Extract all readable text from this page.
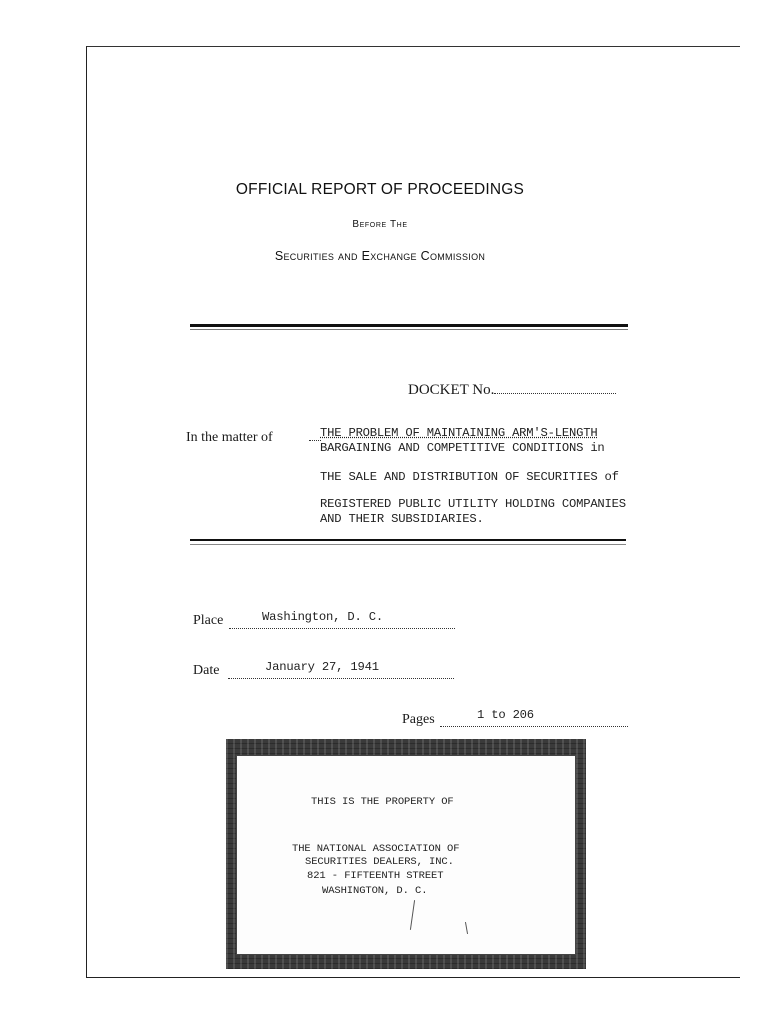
OFFICIAL REPORT OF PROCEEDINGS
Before The
Securities and Exchange Commission
DOCKET No.
In the matter of	THE PROBLEM OF MAINTAINING ARM'S-LENGTH
BARGAINING AND COMPETITIVE CONDITIONS in
THE SALE AND DISTRIBUTION OF SECURITIES of
REGISTERED PUBLIC UTILITY HOLDING COMPANIES
AND THEIR SUBSIDIARIES.
Place	Washington, D. C.
Date	January 27, 1941
Pages	1 to 206
THIS IS THE PROPERTY OF
THE NATIONAL ASSOCIATION OF
SECURITIES DEALERS, INC.
821 - FIFTEENTH STREET
WASHINGTON, D. C.
